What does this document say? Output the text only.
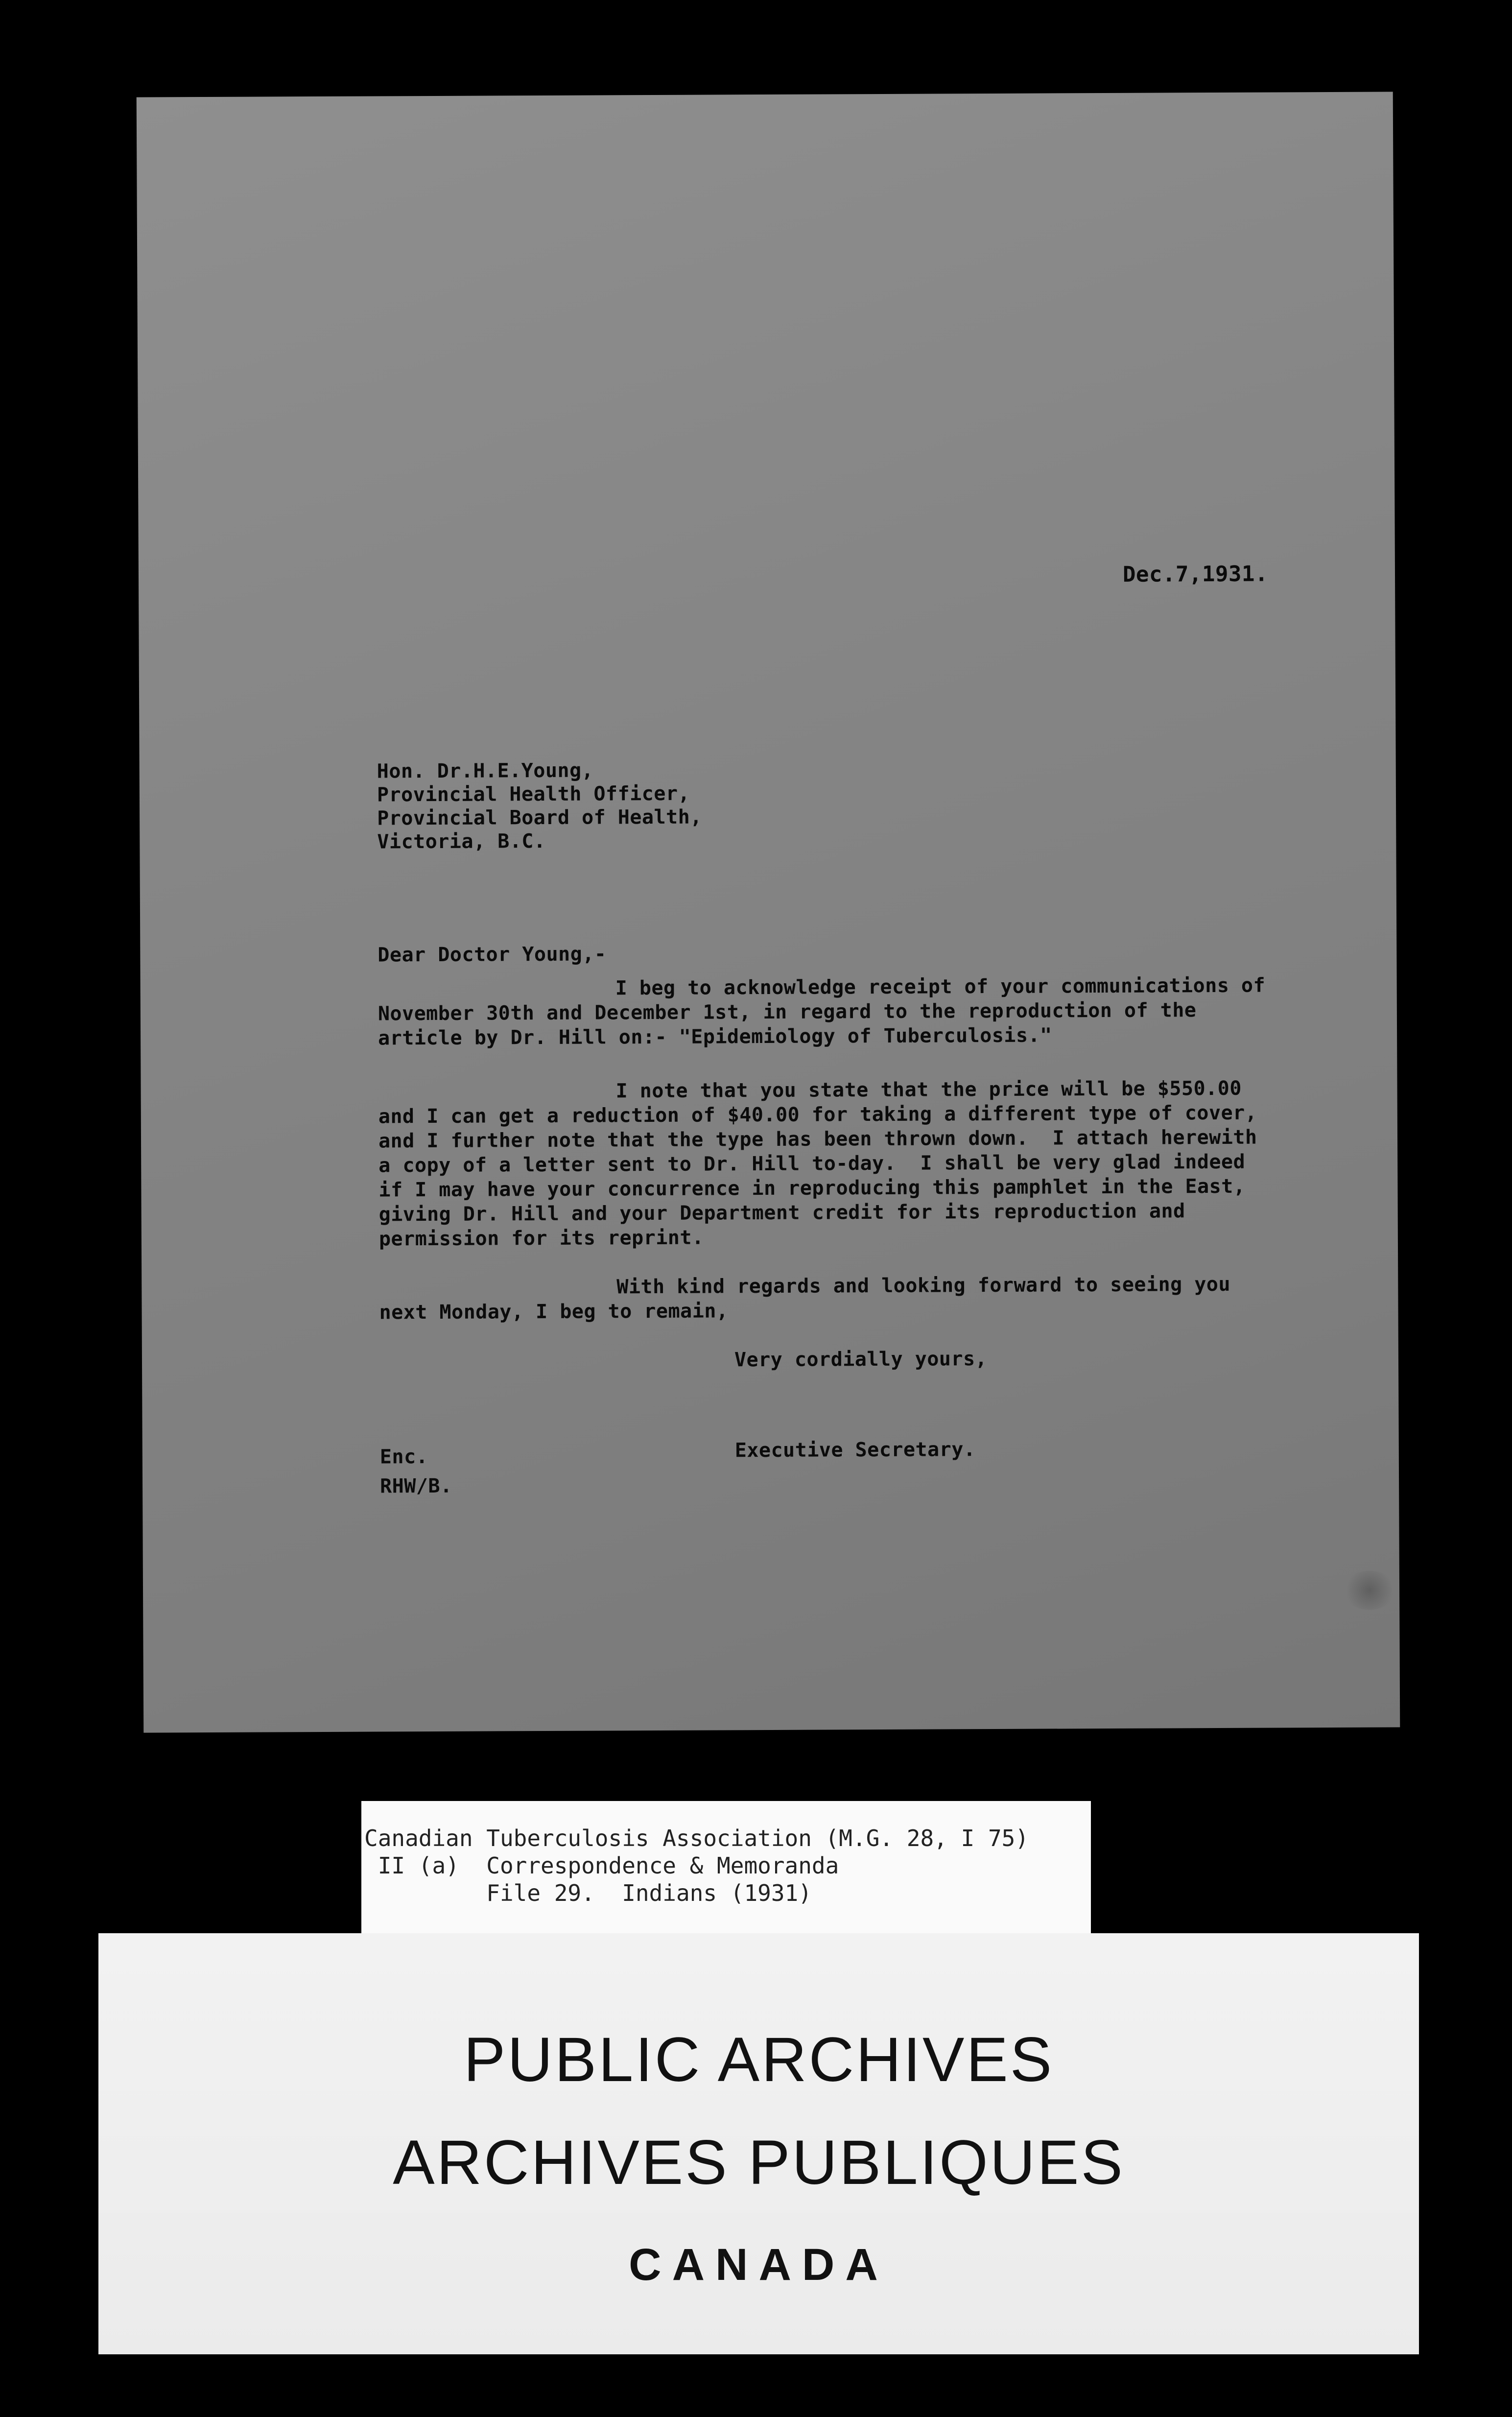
Dec.7,1931.
Hon. Dr.H.E.Young,
Provincial Health Officer,
Provincial Board of Health,
Victoria, B.C.
Dear Doctor Young,-
I beg to acknowledge receipt of your communications of
November 30th and December 1st, in regard to the reproduction of the
article by Dr. Hill on:- "Epidemiology of Tuberculosis."
I note that you state that the price will be $550.00
and I can get a reduction of $40.00 for taking a different type of cover,
and I further note that the type has been thrown down.  I attach herewith
a copy of a letter sent to Dr. Hill to-day.  I shall be very glad indeed
if I may have your concurrence in reproducing this pamphlet in the East,
giving Dr. Hill and your Department credit for its reproduction and
permission for its reprint.
With kind regards and looking forward to seeing you
next Monday, I beg to remain,
Very cordially yours,
Enc.
RHW/B.
Executive Secretary.
Canadian Tuberculosis Association (M.G. 28, I 75)
II (a)  Correspondence & Memoranda
File 29.  Indians (1931)
PUBLIC ARCHIVES
ARCHIVES PUBLIQUES
CANADA
